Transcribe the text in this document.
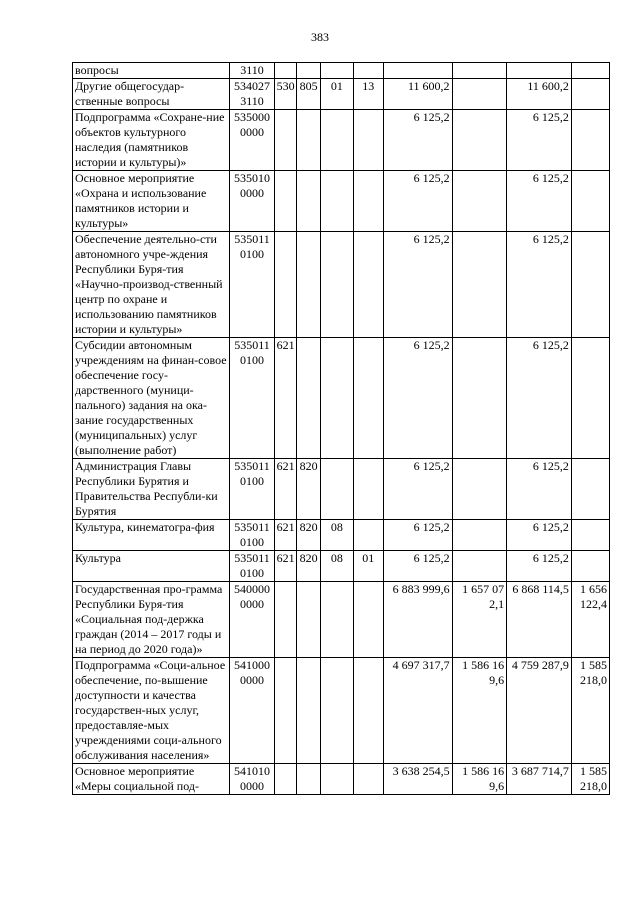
383
вопросы	3110								
Другие общегосудар-ственные вопросы	5340273110	530	805	01	13	11 600,2		11 600,2	
Подпрограмма «Сохране-ние объектов культурного наследия (памятников истории и культуры)»	5350000000					6 125,2		6 125,2	
Основное мероприятие «Охрана и использование памятников истории и культуры»	5350100000					6 125,2		6 125,2	
Обеспечение деятельно-сти автономного учре-ждения Республики Буря-тия «Научно-производ-ственный центр по охране и использованию памятников истории и культуры»	5350110100					6 125,2		6 125,2	
Субсидии автономным учреждениям на финан-совое обеспечение госу-дарственного (муници-пального) задания на ока-зание государственных (муниципальных) услуг (выполнение работ)	5350110100	621				6 125,2		6 125,2	
Администрация Главы Республики Бурятия и Правительства Республи-ки Бурятия	5350110100	621	820			6 125,2		6 125,2	
Культура, кинематогра-фия	5350110100	621	820	08		6 125,2		6 125,2	
Культура	5350110100	621	820	08	01	6 125,2		6 125,2	
Государственная про-грамма Республики Буря-тия «Социальная под-держка граждан (2014 – 2017 годы и на период до 2020 года)»	5400000000					6 883 999,6	1 657 072,1	6 868 114,5	1 656 122,4
Подпрограмма «Соци-альное обеспечение, по-вышение доступности и качества государствен-ных услуг, предоставляе-мых учреждениями соци-ального обслуживания населения»	5410000000					4 697 317,7	1 586 169,6	4 759 287,9	1 585 218,0
Основное мероприятие «Меры социальной под-	5410100000					3 638 254,5	1 586 169,6	3 687 714,7	1 585 218,0
